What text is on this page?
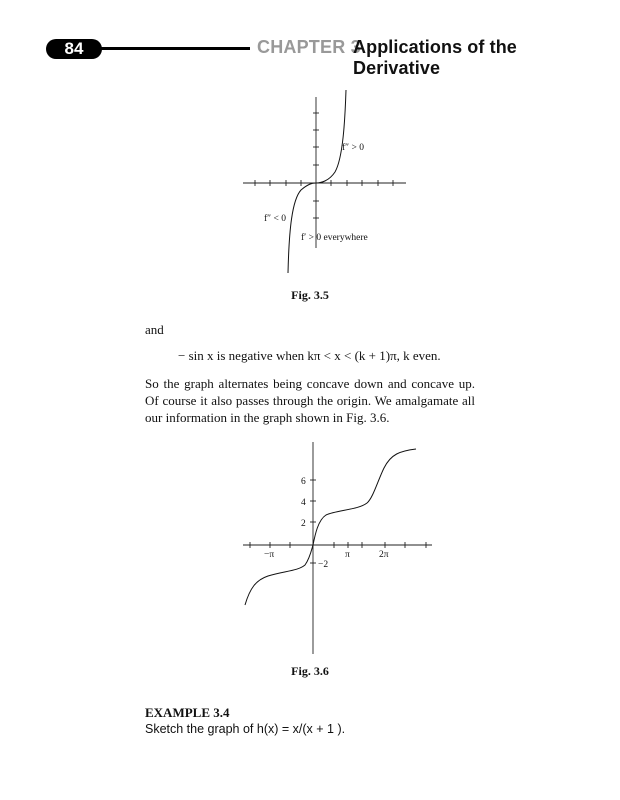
84	CHAPTER 3
Applications of the Derivative
f″ > 0
f″ < 0
f′ > 0 everywhere
Fig. 3.5
and
− sin x is negative when kπ < x < (k + 1)π, k even.
So the graph alternates being concave down and concave up. Of course it also passes through the origin. We amalgamate all our information in the graph shown in Fig. 3.6.
6
4
2
−2
−π	π	2π
Fig. 3.6
EXAMPLE 3.4
Sketch the graph of h(x) = x/(x + 1 ).
